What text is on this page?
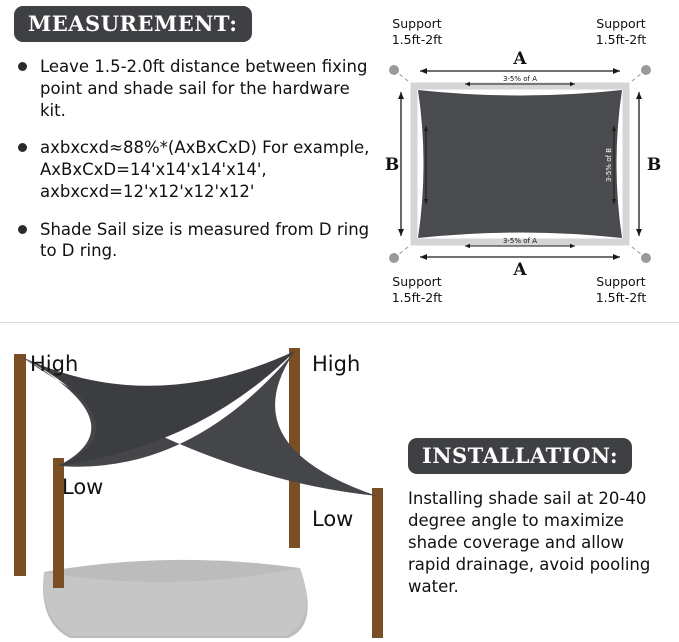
MEASUREMENT:
Leave 1.5-2.0ft distance between fixing point and shade sail for the hardware kit.
axbxcxd≈88%*(AxBxCxD) For example, AxBxCxD=14'x14'x14'x14', axbxcxd=12'x12'x12'x12'
Shade Sail size is measured from D ring to D ring.
Support
1.5ft-2ft
Support
1.5ft-2ft
Support
1.5ft-2ft
Support
1.5ft-2ft
A
3-5% of A
3-5% of A
A
B	3-5% of B	3-5% of B B
High	High
Low
Low
INSTALLATION:
Installing shade sail at 20-40 degree angle to maximize shade coverage and allow rapid drainage, avoid pooling water.
